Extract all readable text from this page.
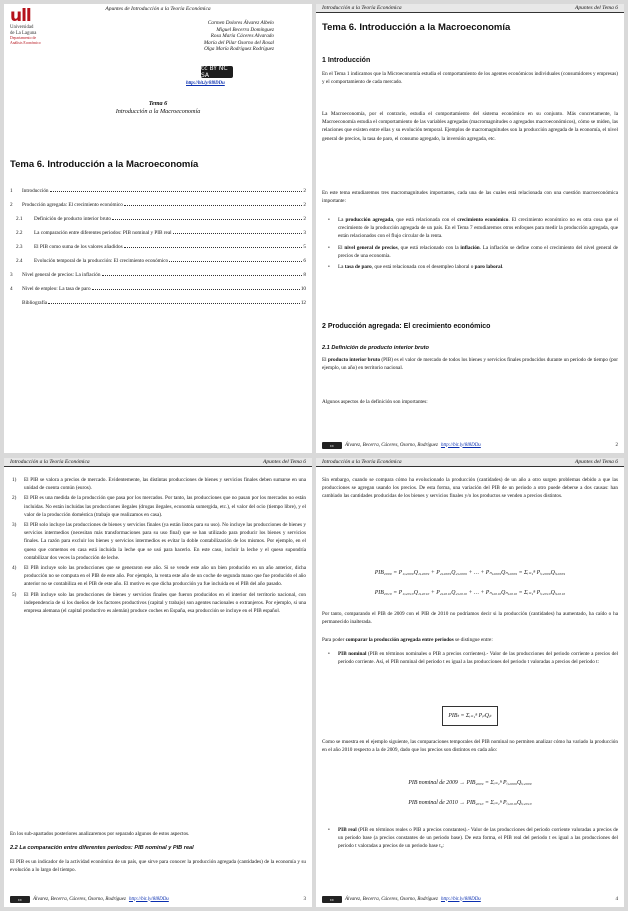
Apuntes de Introducción a la Teoría Económica
ull
Universidad
de La Laguna
Departamento de
Análisis Económico
Carmen Dolores Álvarez Albelo
Miguel Becerra Domínguez
Rosa María Cáceres Alvarado
María del Pilar Osorno del Rosal
Olga María Rodríguez Rodríguez
cc BY NC SA
http://bit.ly/8l8DDu
Tema 6
Introducción a la Macroeconomía
Tema 6. Introducción a la Macroeconomía
1	Introducción	2
2	Producción agregada: El crecimiento económico	2
2.1	Definición de producto interior bruto	2
2.2	La comparación entre diferentes periodos: PIB nominal y PIB real	3
2.3	El PIB como suma de los valores añadidos	5
2.4	Evolución temporal de la producción: El crecimiento económico	6
3	Nivel general de precios: La inflación	8
4	Nivel de empleo: La tasa de paro	10
Bibliografía	12
Introducción a la Teoría Económica	Apuntes del Tema 6
Tema 6. Introducción a la Macroeconomía
1 Introducción
En el Tema 1 indicamos que la Microeconomía estudia el comportamiento de los agentes económicos individuales (consumidores y empresas) y el comportamiento de cada mercado.
La Macroeconomía, por el contrario, estudia el comportamiento del sistema económico en su conjunto. Más concretamente, la Macroeconomía estudia el comportamiento de las variables agregadas (macromagnitudes o agregados macroeconómicos), cómo se miden, las relaciones que existen entre ellas y su evolución temporal. Ejemplos de macromagnitudes son la producción agregada de la economía, el nivel general de precios, la tasa de paro, el consumo agregado, la inversión agregada, etc.
En este tema estudiaremos tres macromagnitudes importantes, cada una de las cuales está relacionada con una cuestión macroeconómica importante:
• La producción agregada, que está relacionada con el crecimiento económico. El crecimiento económico no es otra cosa que el crecimiento de la producción agregada de un país. En el Tema 7 estudiaremos otros enfoques para medir la producción agregada, que están relacionados con el flujo circular de la renta.
• El nivel general de precios, que está relacionado con la inflación. La inflación se define como el crecimiento del nivel general de precios de una economía.
• La tasa de paro, que está relacionada con el desempleo laboral o paro laboral.
2 Producción agregada: El crecimiento económico
2.1 Definición de producto interior bruto
El producto interior bruto (PIB) es el valor de mercado de todos los bienes y servicios finales producidos durante un periodo de tiempo (por ejemplo, un año) en territorio nacional.
Algunos aspectos de la definición son importantes:
cc	Álvarez, Becerra, Cáceres, Osorno, Rodríguez http://bit.ly/8l8DDu	2
Introducción a la Teoría Económica	Apuntes del Tema 6
1) El PIB se valora a precios de mercado. Evidentemente, las distintas producciones de bienes y servicios finales deben sumarse en una unidad de cuenta común (euros).
2) El PIB es una medida de la producción que pasa por los mercados. Por tanto, las producciones que no pasan por los mercados no están incluidas. No están incluidas las producciones ilegales (drogas ilegales, economía sumergida, etc.), el valor del ocio (tiempo libre), y el valor de la producción doméstica (trabajo que realizamos en casa).
3) El PIB solo incluye las producciones de bienes y servicios finales (ya están listos para su uso). No incluye las producciones de bienes y servicios intermedios (necesitan más transformaciones para su uso final) que se han utilizado para producir los bienes y servicios finales. La razón para excluir los bienes y servicios intermedios es evitar la doble contabilización de los mismos. Por ejemplo, en el queso que comemos en casa está incluida la leche que se usó para hacerlo. En este caso, incluir la leche y el queso supondría contabilizar dos veces la producción de leche.
4) El PIB incluye solo las producciones que se generaron ese año. Si se vende este año un bien producido en un año anterior, dicha producción no se computa en el PIB de este año. Por ejemplo, la venta este año de un coche de segunda mano que fue producido el año anterior no se contabiliza en el PIB de este año. El motivo es que dicha producción ya fue incluida en el PIB del año pasado.
5) El PIB incluye solo las producciones de bienes y servicios finales que fueron producidos en el interior del territorio nacional, con independencia de si los dueños de los factores productivos (capital y trabajo) son agentes nacionales o extranjeros. Por ejemplo, si una empresa alemana (el capital productivo es alemán) produce coches en España, esa producción se incluye en el PIB español.
En los sub-apartados posteriores analizaremos por separado algunos de estos aspectos.
2.2 La comparación entre diferentes periodos: PIB nominal y PIB real
El PIB es un indicador de la actividad económica de un país, que sirve para conocer la producción agregada (cantidades) de la economía y su evolución a lo largo del tiempo.
cc	Álvarez, Becerra, Cáceres, Osorno, Rodríguez http://bit.ly/8l8DDu	3
Introducción a la Teoría Económica	Apuntes del Tema 6
Sin embargo, cuando se compara cómo ha evolucionado la producción (cantidades) de un año a otro surgen problemas debido a que las producciones se agregan usando los precios. De esta forma, una variación del PIB de un periodo a otro puede deberse a dos causas: han cambiado las cantidades producidas de los bienes y servicios finales y/o los productos se venden a precios distintos.
PIB₂₀₀₉ = P₁,₂₀₀₉Q₁,₂₀₀₉ + P₂,₂₀₀₉Q₂,₂₀₀₉ + … + Pₙ,₂₀₀₉Qₙ,₂₀₀₉ = Σᵢ₌₁ⁿ Pᵢ,₂₀₀₉Qᵢ,₂₀₀₉
PIB₂₀₁₀ = P₁,₂₀₁₀Q₁,₂₀₁₀ + P₂,₂₀₁₀Q₂,₂₀₁₀ + … + Pₙ,₂₀₁₀Qₙ,₂₀₁₀ = Σᵢ₌₁ⁿ Pᵢ,₂₀₁₀Qᵢ,₂₀₁₀
Por tanto, comparando el PIB de 2009 con el PIB de 2010 no podríamos decir si la producción (cantidades) ha aumentado, ha caído o ha permanecido inalterada.
Para poder comparar la producción agregada entre periodos se distingue entre:
• PIB nominal (PIB en términos nominales o PIB a precios corrientes).- Valor de las producciones del periodo corriente a precios del periodo corriente. Así, el PIB nominal del periodo t es igual a las producciones del periodo t valoradas a precios del periodo t:
PIBₜ = Σᵢ₌₁ⁿ PᵢₜQᵢₜ
Como se muestra en el ejemplo siguiente, las comparaciones temporales del PIB nominal no permiten analizar cómo ha variado la producción en el año 2010 respecto a la de 2009, dado que los precios son distintos en cada año:
PIB nominal de 2009 → PIB₂₀₀₉ = Σᵢ₌₁ⁿ Pᵢ,₂₀₀₉Qᵢ,₂₀₀₉
PIB nominal de 2010 → PIB₂₀₁₀ = Σᵢ₌₁ⁿ Pᵢ,₂₀₁₀Qᵢ,₂₀₁₀
• PIB real (PIB en términos reales o PIB a precios constantes).- Valor de las producciones del periodo corriente valoradas a precios de un periodo base (a precios constantes de un periodo base). De esta forma, el PIB real del periodo t es igual a las producciones del periodo t valoradas a precios de un periodo base t₀:
cc	Álvarez, Becerra, Cáceres, Osorno, Rodríguez http://bit.ly/8l8DDu	4
